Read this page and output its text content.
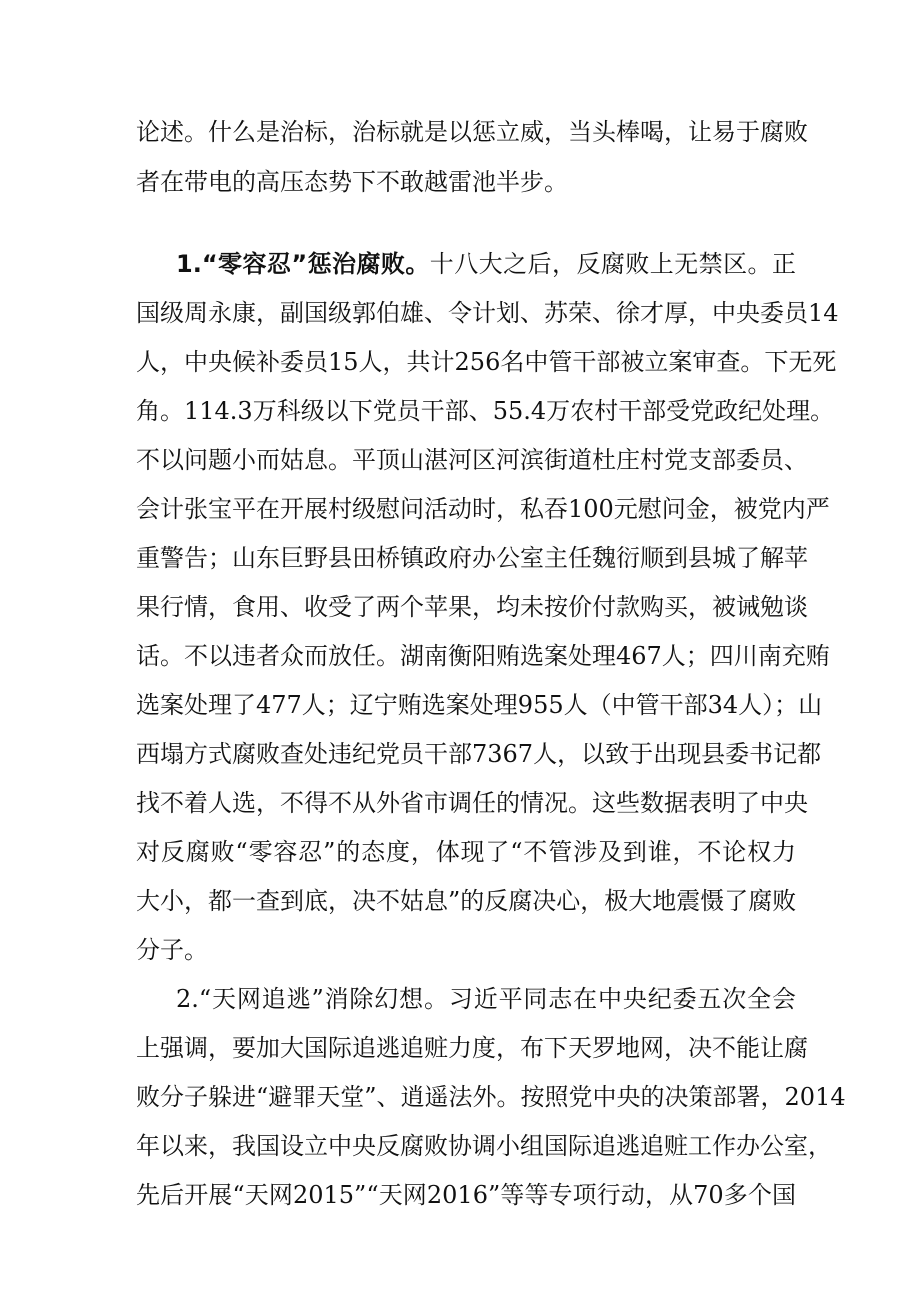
论述。什么是治标，治标就是以惩立威，当头棒喝，让易于腐败
者在带电的高压态势下不敢越雷池半步。
1.“零容忍”惩治腐败。十八大之后，反腐败上无禁区。正
国级周永康，副国级郭伯雄、令计划、苏荣、徐才厚，中央委员14
人，中央候补委员15人，共计256名中管干部被立案审查。下无死
角。114.3万科级以下党员干部、55.4万农村干部受党政纪处理。
不以问题小而姑息。平顶山湛河区河滨街道杜庄村党支部委员、
会计张宝平在开展村级慰问活动时，私吞100元慰问金，被党内严
重警告；山东巨野县田桥镇政府办公室主任魏衍顺到县城了解苹
果行情，食用、收受了两个苹果，均未按价付款购买，被诫勉谈
话。不以违者众而放任。湖南衡阳贿选案处理467人；四川南充贿
选案处理了477人；辽宁贿选案处理955人（中管干部34人）；山
西塌方式腐败查处违纪党员干部7367人，以致于出现县委书记都
找不着人选，不得不从外省市调任的情况。这些数据表明了中央
对反腐败“零容忍”的态度，体现了“不管涉及到谁，不论权力
大小，都一查到底，决不姑息”的反腐决心，极大地震慑了腐败
分子。
2.“天网追逃”消除幻想。习近平同志在中央纪委五次全会
上强调，要加大国际追逃追赃力度，布下天罗地网，决不能让腐
败分子躲进“避罪天堂”、逍遥法外。按照党中央的决策部署，2014
年以来，我国设立中央反腐败协调小组国际追逃追赃工作办公室，
先后开展“天网2015”“天网2016”等等专项行动，从70多个国
